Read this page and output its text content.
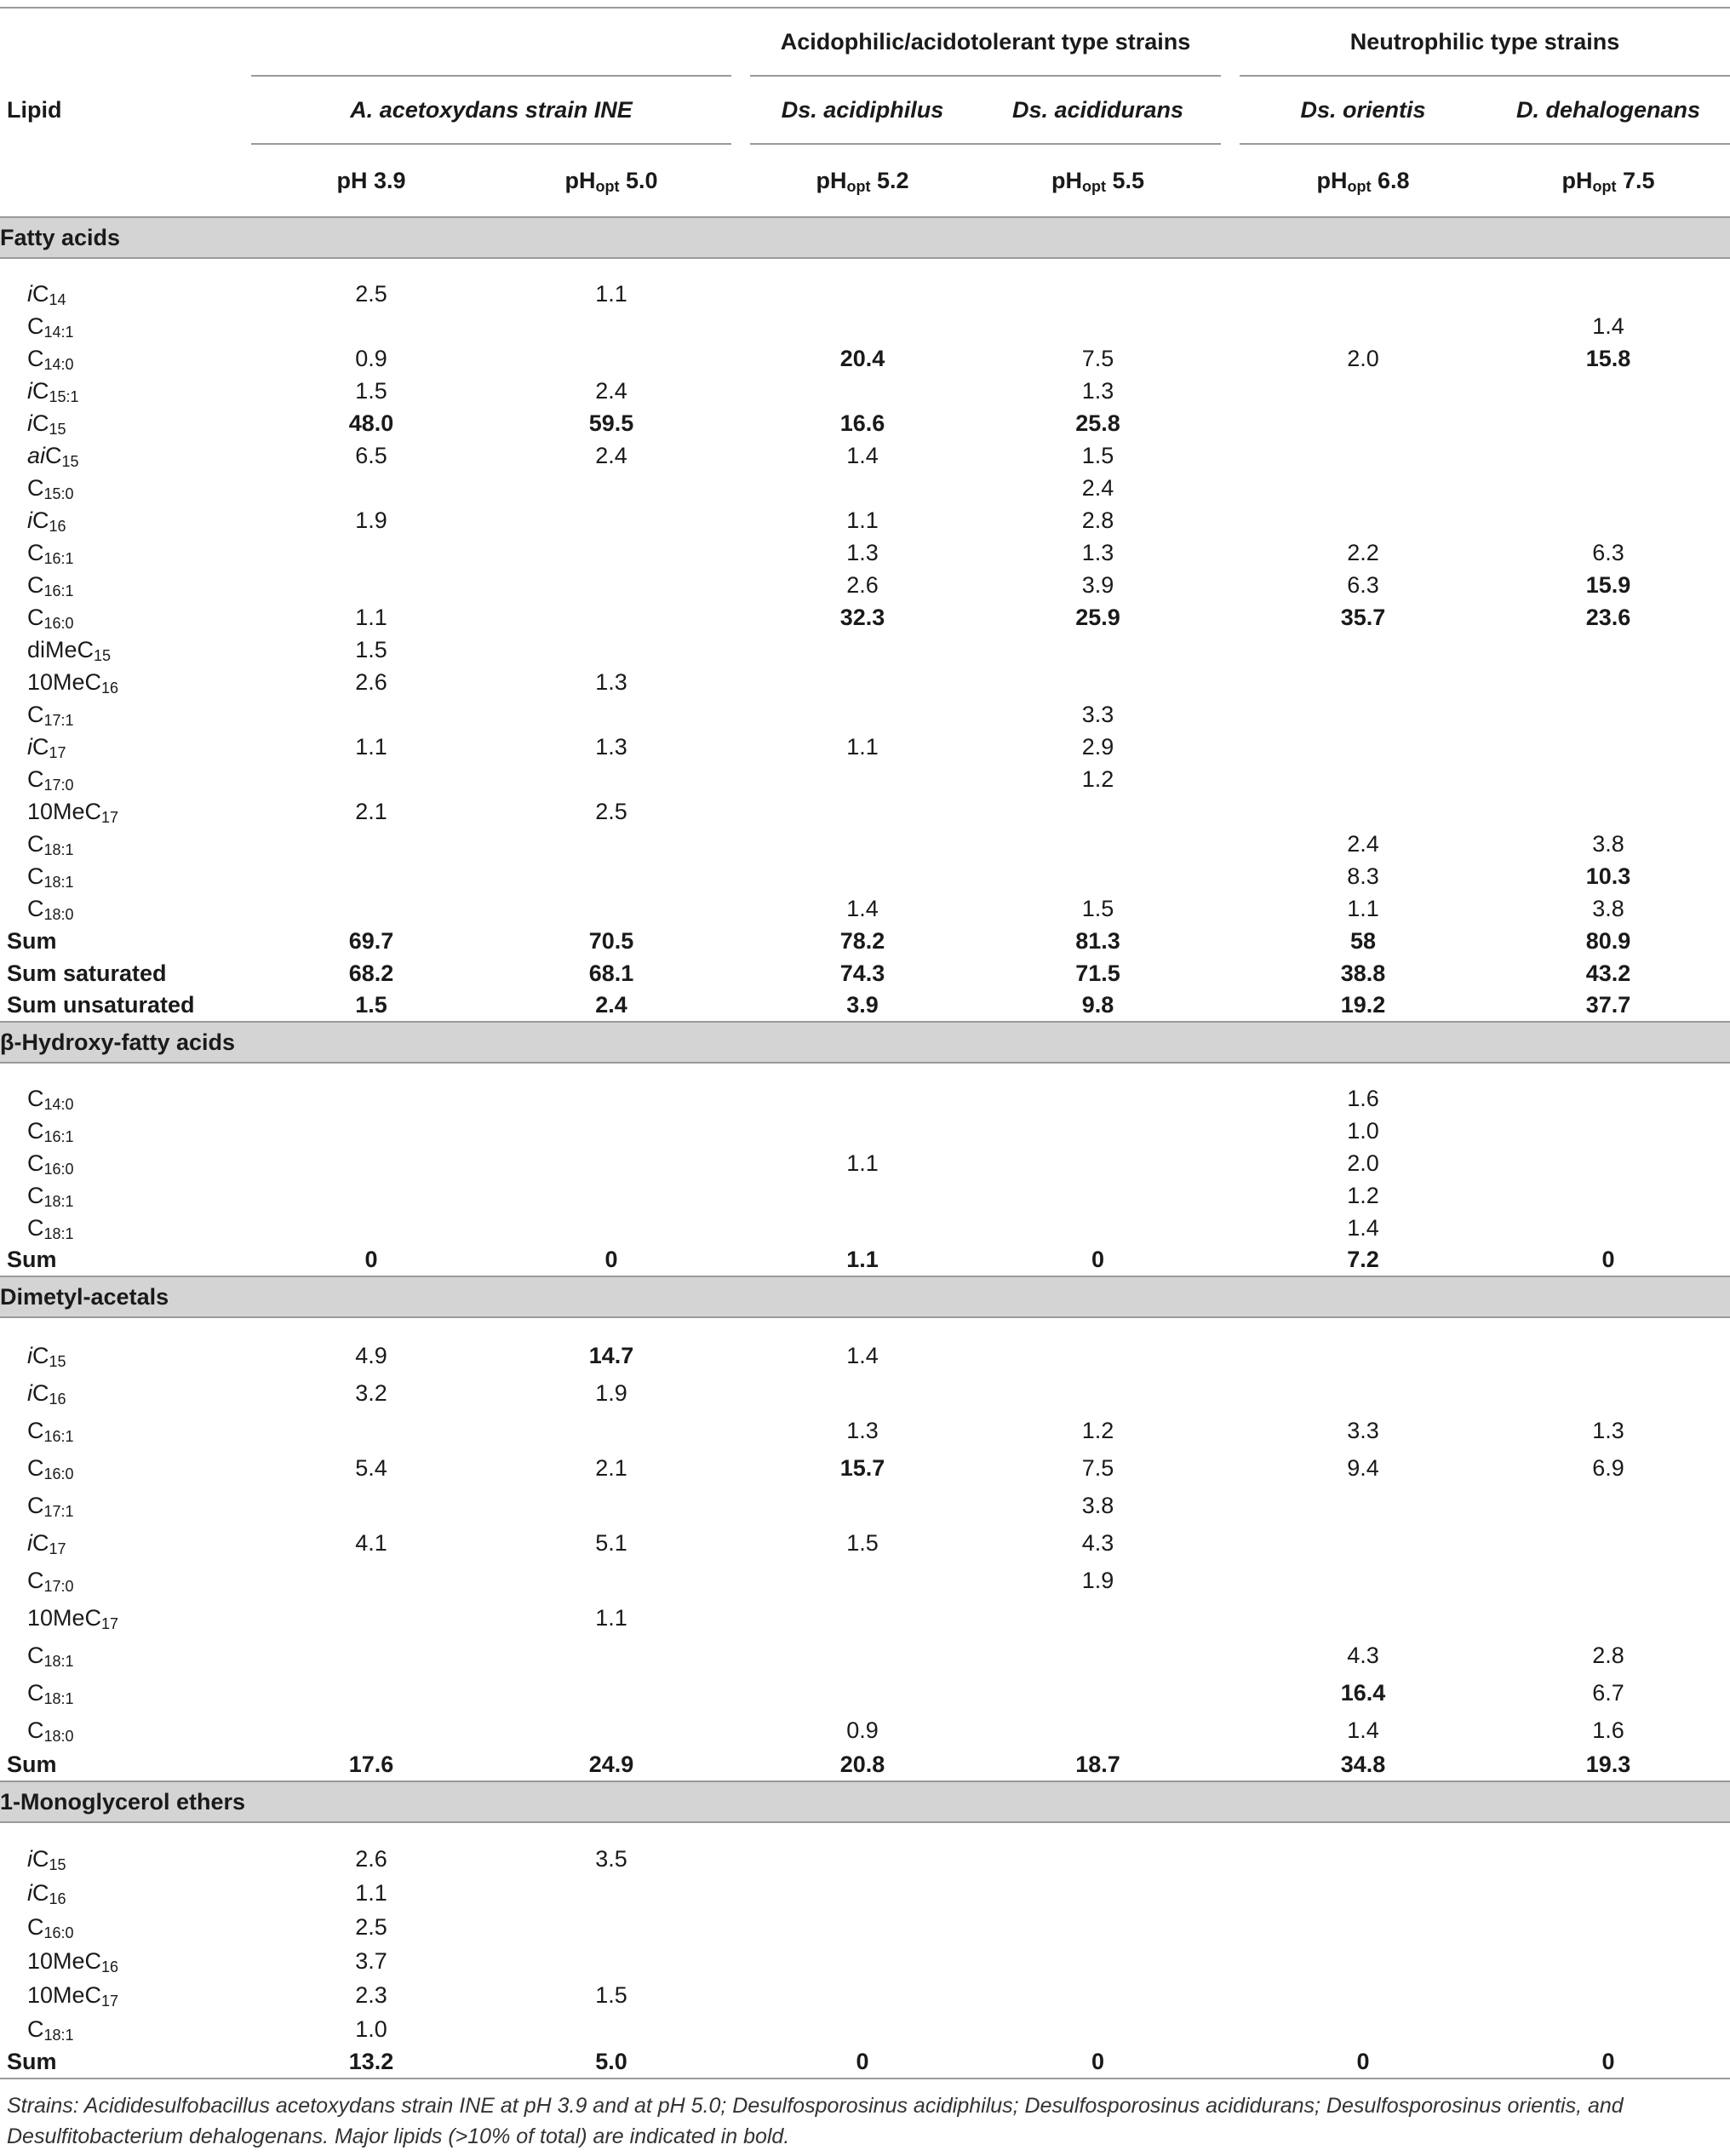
				Acidophilic/acidotolerant type strains			Neutrophilic type strains	
Lipid	A. acetoxydans strain INE			Ds. acidiphilus	Ds. acididurans		Ds. orientis	D. dehalogenans
	pH 3.9	$pH_{opt}$ 5.0		$pH_{opt}$ 5.2	$pH_{opt}$ 5.5		$pH_{opt}$ 6.8	$pH_{opt}$ 7.5
Fatty acids								

$iC_{14}$	2.5	1.1						
$C_{14:1}$								1.4
$C_{14:0}$	0.9			20.4	7.5		2.0	15.8
$iC_{15:1}$	1.5	2.4			1.3			
$iC_{15}$	48.0	59.5		16.6	25.8			
aiC$_{15}$	6.5	2.4		1.4	1.5			
$C_{15:0}$					2.4			
$iC_{16}$	1.9			1.1	2.8			
$C_{16:1}$				1.3	1.3		2.2	6.3
$C_{16:1}$				2.6	3.9		6.3	15.9
$C_{16:0}$	1.1			32.3	25.9		35.7	23.6
diMeC$_{15}$	1.5							
10MeC$_{16}$	2.6	1.3						
$C_{17:1}$					3.3			
$iC_{17}$	1.1	1.3		1.1	2.9			
$C_{17:0}$					1.2			
10MeC$_{17}$	2.1	2.5						
$C_{18:1}$							2.4	3.8
$C_{18:1}$							8.3	10.3
$C_{18:0}$				1.4	1.5		1.1	3.8
Sum	69.7	70.5		78.2	81.3		58	80.9
Sum saturated	68.2	68.1		74.3	71.5		38.8	43.2
Sum unsaturated	1.5	2.4		3.9	9.8		19.2	37.7
β-Hydroxy-fatty acids								

$C_{14:0}$							1.6	
$C_{16:1}$							1.0	
$C_{16:0}$				1.1			2.0	
$C_{18:1}$							1.2	
$C_{18:1}$							1.4	
Sum	0	0		1.1	0		7.2	0
Dimetyl-acetals								

$iC_{15}$	4.9	14.7		1.4				
$iC_{16}$	3.2	1.9						
$C_{16:1}$				1.3	1.2		3.3	1.3
$C_{16:0}$	5.4	2.1		15.7	7.5		9.4	6.9
$C_{17:1}$					3.8			
$iC_{17}$	4.1	5.1		1.5	4.3			
$C_{17:0}$					1.9			
10MeC$_{17}$		1.1						
$C_{18:1}$							4.3	2.8
$C_{18:1}$							16.4	6.7
$C_{18:0}$				0.9			1.4	1.6
Sum	17.6	24.9		20.8	18.7		34.8	19.3
1-Monoglycerol ethers								

$iC_{15}$	2.6	3.5						
$iC_{16}$	1.1							
$C_{16:0}$	2.5							
10MeC$_{16}$	3.7							
10MeC$_{17}$	2.3	1.5						
$C_{18:1}$	1.0							
Sum	13.2	5.0		0	0		0	0
Strains: Acididesulfobacillus acetoxydans strain INE at pH 3.9 and at pH 5.0; Desulfosporosinus acidiphilus; Desulfosporosinus acididurans; Desulfosporosinus orientis, and Desulfitobacterium dehalogenans. Major lipids (>10% of total) are indicated in bold.
